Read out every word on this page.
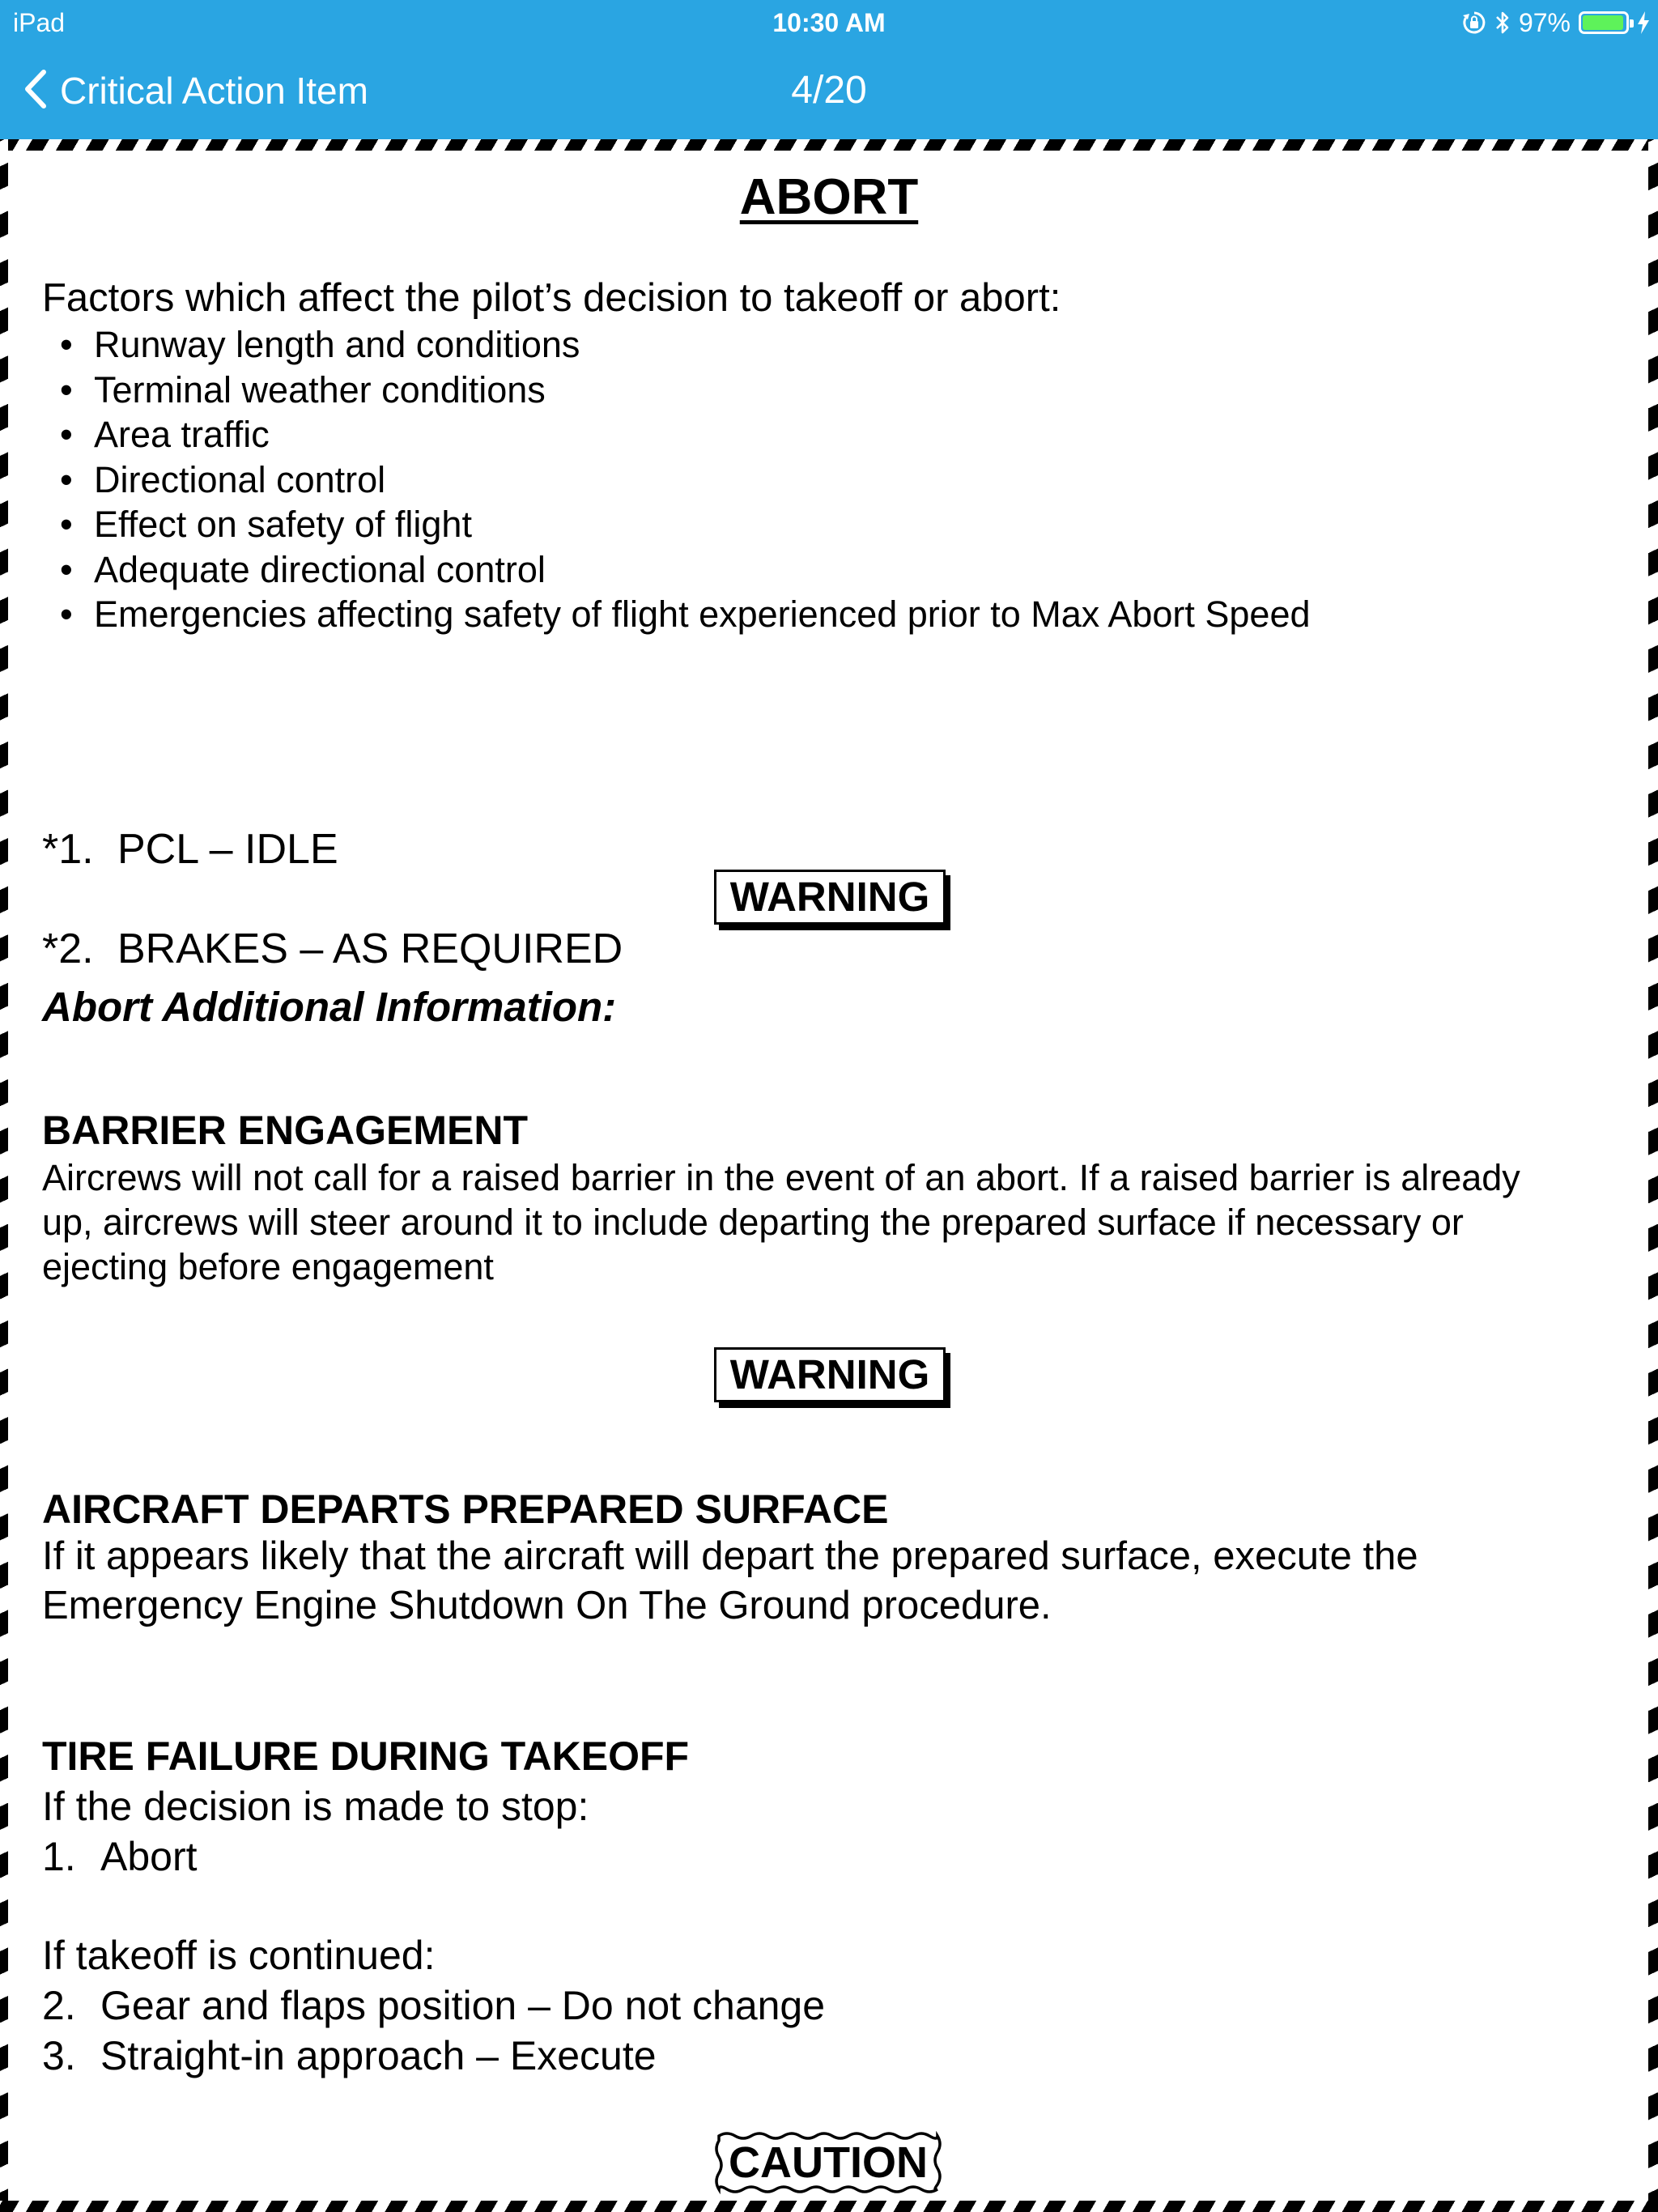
iPad	10:30 AM	97%
Critical Action Item	4/20
ABORT

Factors which affect the pilot’s decision to takeoff or abort:

• Runway length and conditions
• Terminal weather conditions
• Area traffic
• Directional control
• Effect on safety of flight
• Adequate directional control
• Emergencies affecting safety of flight experienced prior to Max Abort Speed

*1. PCL – IDLE

*2. BRAKES – AS REQUIRED

WARNING

Abort Additional Information:

BARRIER ENGAGEMENT

Aircrews will not call for a raised barrier in the event of an abort. If a raised barrier is already

up, aircrews will steer around it to include departing the prepared surface if necessary or

ejecting before engagement

WARNING

AIRCRAFT DEPARTS PREPARED SURFACE

If it appears likely that the aircraft will depart the prepared surface, execute the

Emergency Engine Shutdown On The Ground procedure.

TIRE FAILURE DURING TAKEOFF

If the decision is made to stop:

1. Abort

If takeoff is continued:

2. Gear and flaps position – Do not change

3. Straight-in approach – Execute

CAUTION
